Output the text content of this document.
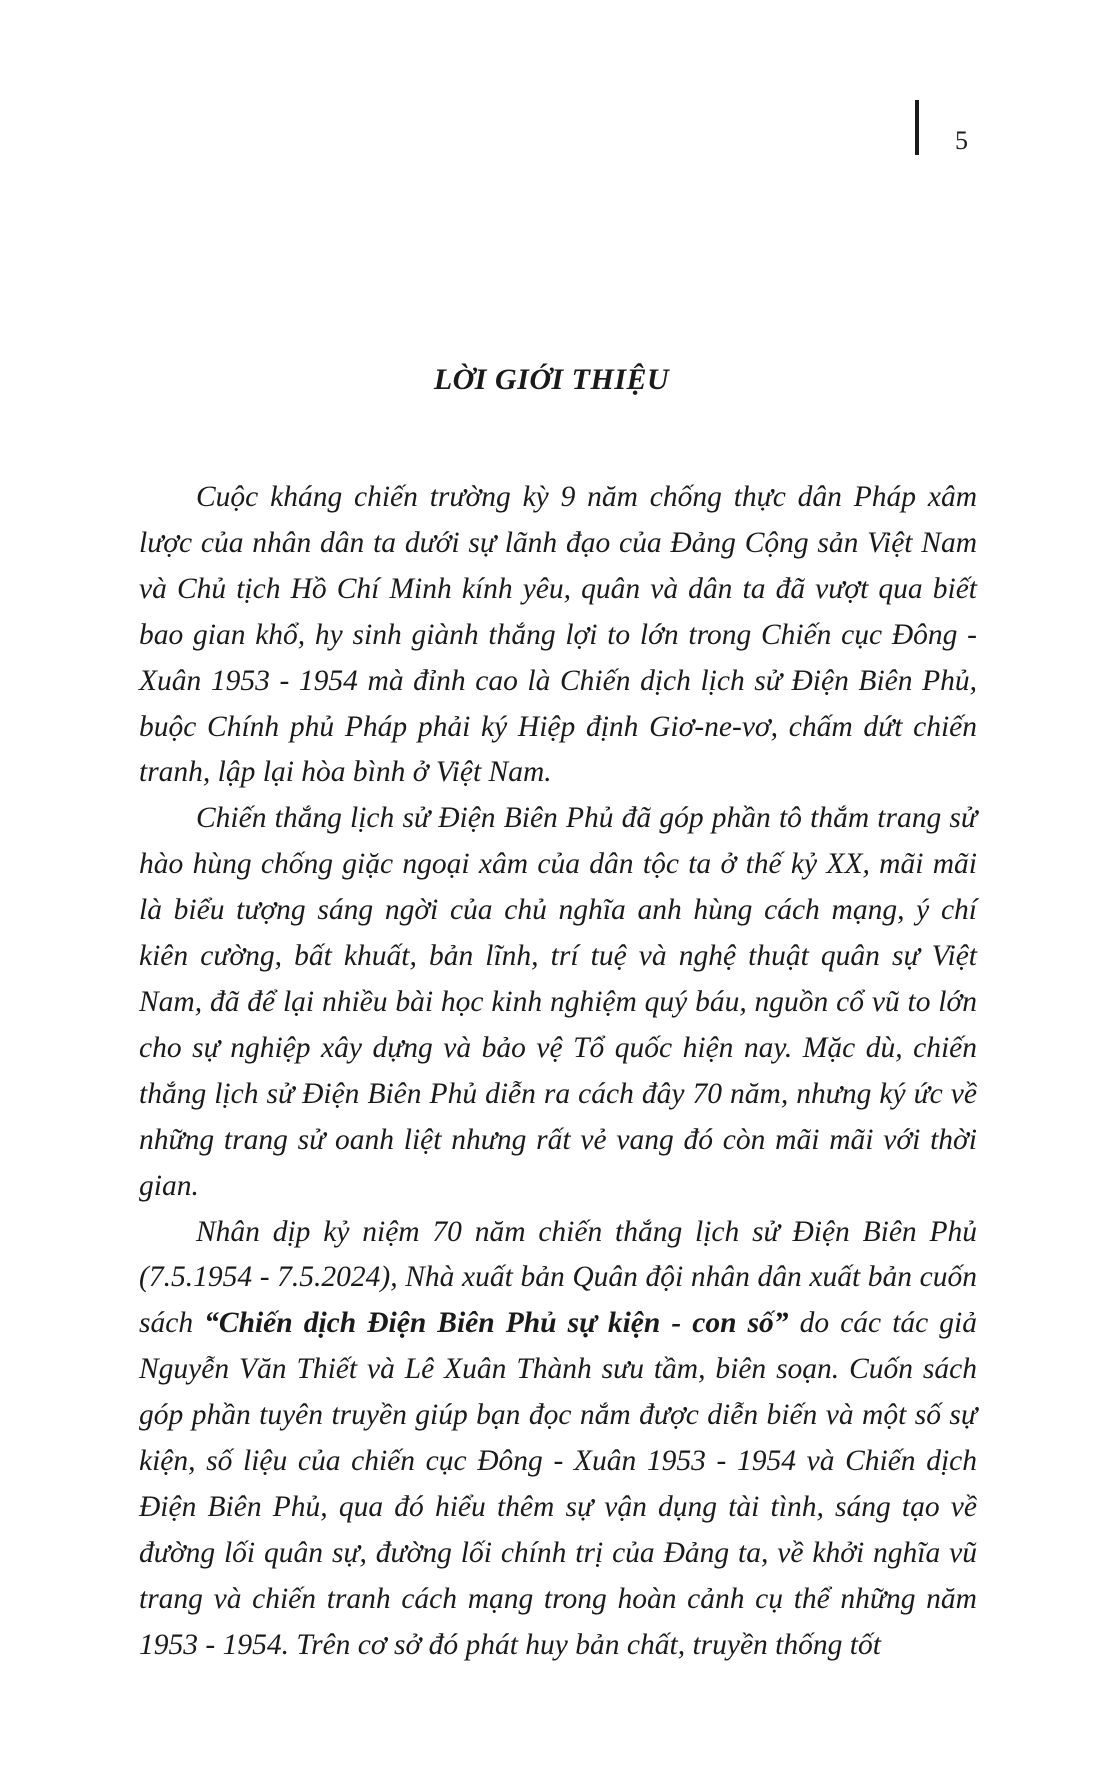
5
LỜI GIỚI THIỆU

Cuộc kháng chiến trường kỳ 9 năm chống thực dân Pháp xâm lược của nhân dân ta dưới sự lãnh đạo của Đảng Cộng sản Việt Nam và Chủ tịch Hồ Chí Minh kính yêu, quân và dân ta đã vượt qua biết bao gian khổ, hy sinh giành thắng lợi to lớn trong Chiến cục Đông - Xuân 1953 - 1954 mà đỉnh cao là Chiến dịch lịch sử Điện Biên Phủ, buộc Chính phủ Pháp phải ký Hiệp định Giơ-ne-vơ, chấm dứt chiến tranh, lập lại hòa bình ở Việt Nam.

Chiến thắng lịch sử Điện Biên Phủ đã góp phần tô thắm trang sử hào hùng chống giặc ngoại xâm của dân tộc ta ở thế kỷ XX, mãi mãi là biểu tượng sáng ngời của chủ nghĩa anh hùng cách mạng, ý chí kiên cường, bất khuất, bản lĩnh, trí tuệ và nghệ thuật quân sự Việt Nam, đã để lại nhiều bài học kinh nghiệm quý báu, nguồn cổ vũ to lớn cho sự nghiệp xây dựng và bảo vệ Tổ quốc hiện nay. Mặc dù, chiến thắng lịch sử Điện Biên Phủ diễn ra cách đây 70 năm, nhưng ký ức về những trang sử oanh liệt nhưng rất vẻ vang đó còn mãi mãi với thời gian.

Nhân dịp kỷ niệm 70 năm chiến thắng lịch sử Điện Biên Phủ (7.5.1954 - 7.5.2024), Nhà xuất bản Quân đội nhân dân xuất bản cuốn sách “Chiến dịch Điện Biên Phủ sự kiện - con số” do các tác giả Nguyễn Văn Thiết và Lê Xuân Thành sưu tầm, biên soạn. Cuốn sách góp phần tuyên truyền giúp bạn đọc nắm được diễn biến và một số sự kiện, số liệu của chiến cục Đông - Xuân 1953 - 1954 và Chiến dịch Điện Biên Phủ, qua đó hiểu thêm sự vận dụng tài tình, sáng tạo về đường lối quân sự, đường lối chính trị của Đảng ta, về khởi nghĩa vũ trang và chiến tranh cách mạng trong hoàn cảnh cụ thể những năm 1953 - 1954. Trên cơ sở đó phát huy bản chất, truyền thống tốt
